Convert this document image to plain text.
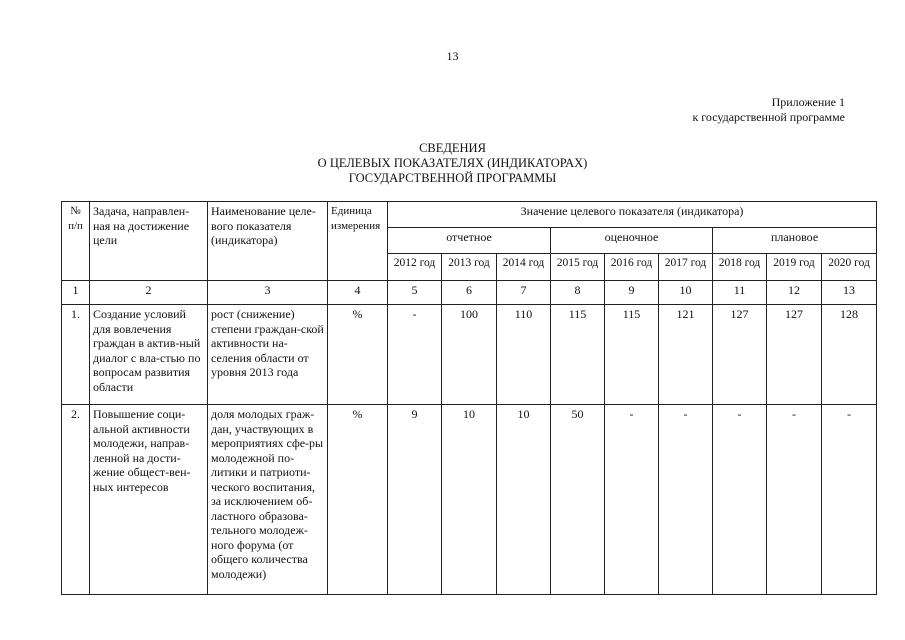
13
Приложение 1
к государственной программе
СВЕДЕНИЯ
О ЦЕЛЕВЫХ ПОКАЗАТЕЛЯХ (ИНДИКАТОРАХ)
ГОСУДАРСТВЕННОЙ ПРОГРАММЫ
№
п/п	Задача, направлен-ная на достижение цели	Наименование целе-вого показателя (индикатора)	Единица измерения	Значение целевого показателя (индикатора)								
				отчетное			оценочное			плановое		
				2012 год	2013 год	2014 год	2015 год	2016 год	2017 год	2018 год	2019 год	2020 год
1	2	3	4	5	6	7	8	9	10	11	12	13
1.	Создание условий для вовлечения граждан в актив-ный диалог с вла-стью по вопросам развития области	рост (снижение) степени граждан-ской активности на-селения области от уровня 2013 года	%	-	100	110	115	115	121	127	127	128
2.	Повышение соци-альной активности молодежи, направ-ленной на дости-жение общест-вен-ных интересов	доля молодых граж-дан, участвующих в мероприятиях сфе-ры молодежной по-литики и патриоти-ческого воспитания, за исключением об-ластного образова-тельного молодеж-ного форума (от общего количества молодежи)	%	9	10	10	50	-	-	-	-	-
